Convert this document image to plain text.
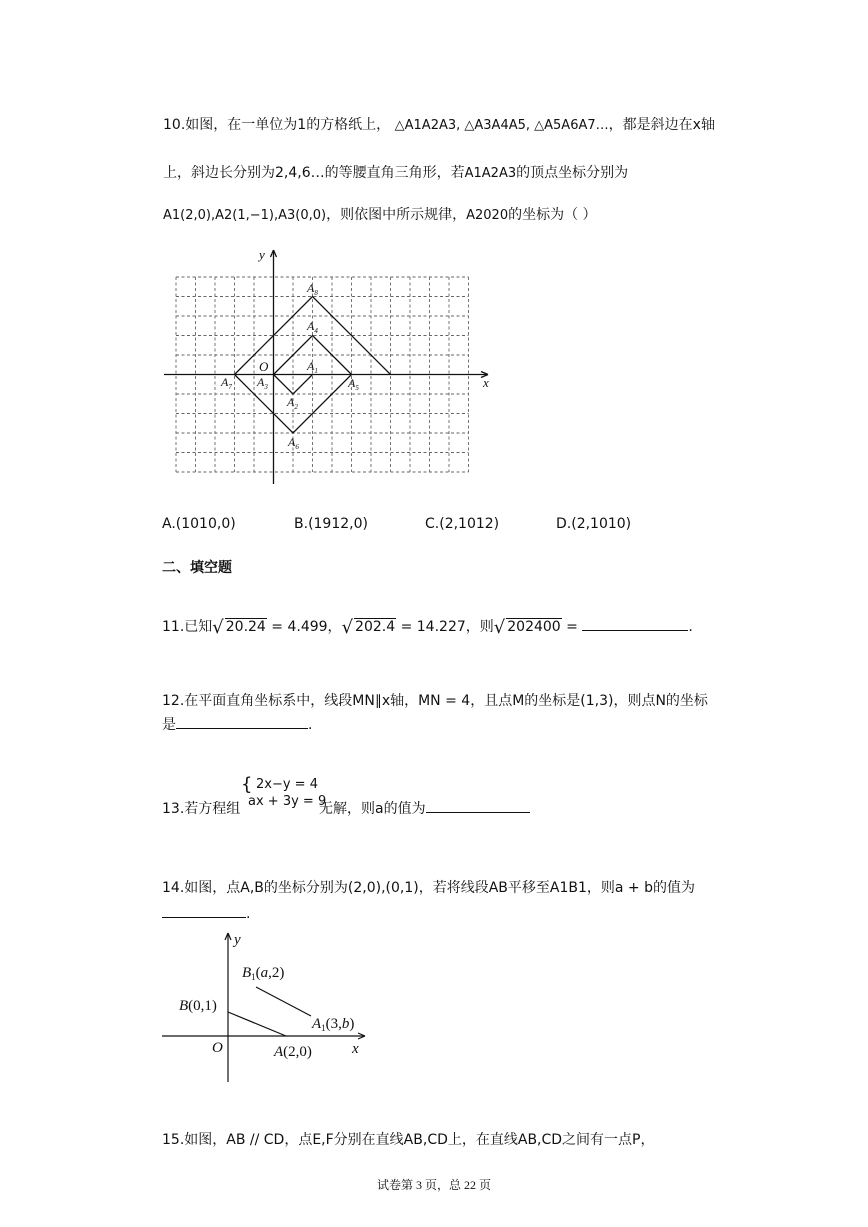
10.如图，在一单位为1的方格纸上， △A1A2A3, △A3A4A5, △A5A6A7…，都是斜边在x轴
上，斜边长分别为2,4,6…的等腰直角三角形，若A1A2A3的顶点坐标分别为
A1(2,0),A2(1,−1),A3(0,0)，则依图中所示规律，A2020的坐标为（ ）
y
x
O	$A_1$
$A_2$
$A_3$
$A_4$
$A_5$
$A_6$
$A_7$
$A_8$
A.(1010,0)	B.(1912,0)	C.(2,1012)	D.(2,1010)
二、填空题
11.已知√ 20.24 = 4.499，√ 202.4 = 14.227，则√ 202400 =	.
12.在平面直角坐标系中，线段MN∥x轴，MN = 4，且点M的坐标是(1,3)，则点N的坐标
是	.
13.若方程组
{ 2x−y = 4
ax + 3y = 9
无解，则a的值为
14.如图，点A,B的坐标分别为(2,0),(0,1)，若将线段AB平移至A1B1，则a + b的值为
.
y
x
O
B(0,1)
A(2,0)
$B_1(a,2)$
$A_1(3,b)$
15.如图，AB // CD，点E,F分别在直线AB,CD上，在直线AB,CD之间有一点P，
试卷第 3 页，总 22 页
